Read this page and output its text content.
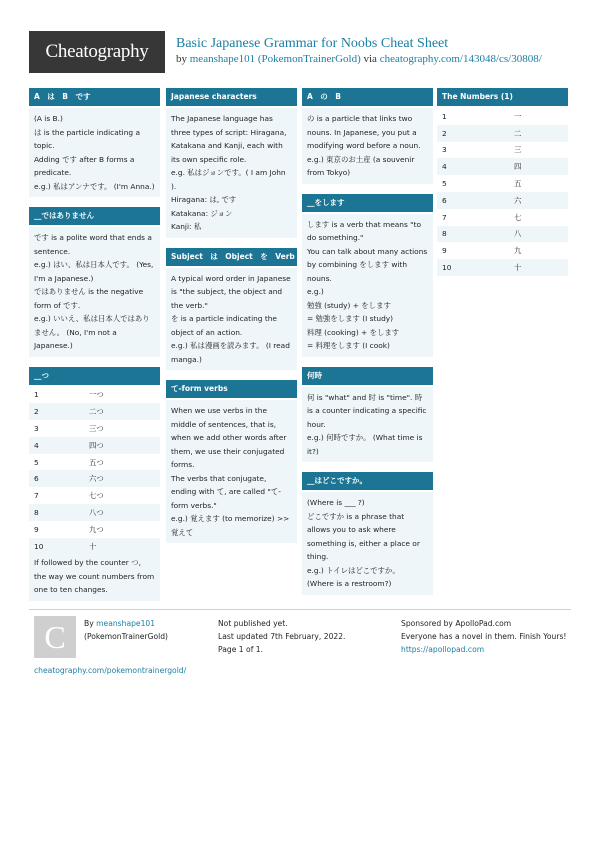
Cheatography	Basic Japanese Grammar for Noobs Cheat Sheet
by meanshape101 (PokemonTrainerGold) via cheatography.com/143048/cs/30808/
A　は　B　です

(A is B.)

は is the particle indicating a topic.

Adding です after B forms a predicate.

e.g.) 私はアンナです。 (I'm Anna.)

__ではありません

です is a polite word that ends a sentence.

e.g.) はい、私は日本人です。 (Yes, I'm a Japanese.)

ではありません is the negative form of です.

e.g.) いいえ、私は日本人ではありません。 (No, I'm not a Japanese.)

__つ
1	一つ
2	二つ
3	三つ
4	四つ
5	五つ
6	六つ
7	七つ
8	八つ
9	九つ
10	十
If followed by the counter つ, the way we count numbers from one to ten changes.
Japanese characters

The Japanese language has three types of script: Hiragana, Katakana and Kanji, each with its own specific role.

e.g. 私はジョンです。( I am John ).

Hiragana: は, です

Katakana: ジョン

Kanji: 私

Subject　は　Object　を　Verb

A typical word order in Japanese is "the subject, the object and the verb."

を is a particle indicating the object of an action.

e.g.) 私は漫画を読みます。 (I read manga.)

て-form verbs

When we use verbs in the middle of sentences, that is, when we add other words after them, we use their conjugated forms.

The verbs that conjugate, ending with て, are called "て-form verbs."

e.g.) 覚えます (to memorize) >> 覚えて

A　の　B

の is a particle that links two nouns. In Japanese, you put a modifying word before a noun.

e.g.) 東京のお土産 (a souvenir from Tokyo)

__をします

します is a verb that means "to do something."

You can talk about many actions by combining をします with nouns.

e.g.)

勉強 (study) + をします

= 勉強をします (I study)

料理 (cooking) + をします

= 料理をします (I cook)

何時

何 is "what" and 时 is "time". 時 is a counter indicating a specific hour.

e.g.) 何時ですか。 (What time is it?)

__はどこですか。

(Where is ___ ?)

どこですか is a phrase that allows you to ask where something is, either a place or thing.

e.g.) トイレはどこですか。 (Where is a restroom?)

The Numbers (1)
1	一
2	二
3	三
4	四
5	五
6	六
7	七
8	八
9	九
10	十
C	By meanshape101
(PokemonTrainerGold)
cheatography.com/pokemontrainergold/
Not published yet.
Last updated 7th February, 2022.
Page 1 of 1.
Sponsored by ApolloPad.com
Everyone has a novel in them. Finish Yours!
https://apollopad.com
